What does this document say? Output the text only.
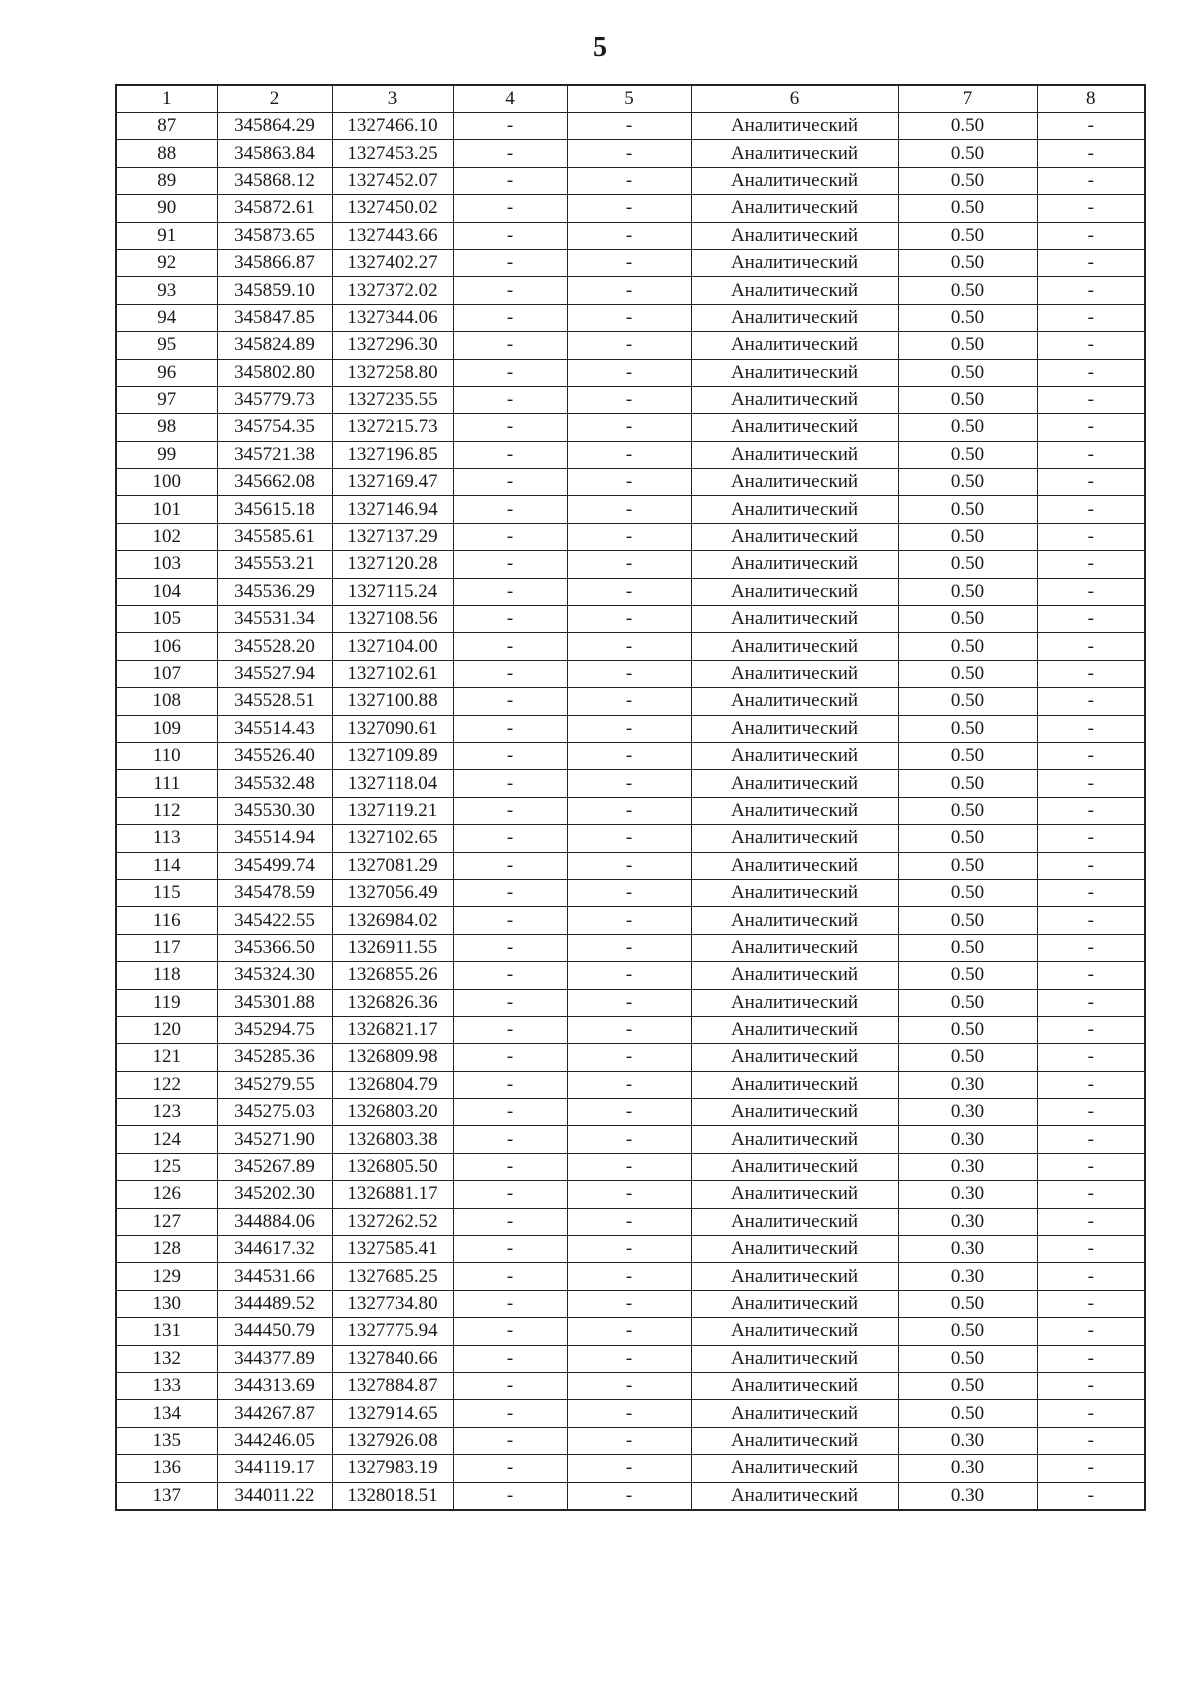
5
1	2	3	4	5	6	7	8
87	345864.29	1327466.10	-	-	Аналитический	0.50	-
88	345863.84	1327453.25	-	-	Аналитический	0.50	-
89	345868.12	1327452.07	-	-	Аналитический	0.50	-
90	345872.61	1327450.02	-	-	Аналитический	0.50	-
91	345873.65	1327443.66	-	-	Аналитический	0.50	-
92	345866.87	1327402.27	-	-	Аналитический	0.50	-
93	345859.10	1327372.02	-	-	Аналитический	0.50	-
94	345847.85	1327344.06	-	-	Аналитический	0.50	-
95	345824.89	1327296.30	-	-	Аналитический	0.50	-
96	345802.80	1327258.80	-	-	Аналитический	0.50	-
97	345779.73	1327235.55	-	-	Аналитический	0.50	-
98	345754.35	1327215.73	-	-	Аналитический	0.50	-
99	345721.38	1327196.85	-	-	Аналитический	0.50	-
100	345662.08	1327169.47	-	-	Аналитический	0.50	-
101	345615.18	1327146.94	-	-	Аналитический	0.50	-
102	345585.61	1327137.29	-	-	Аналитический	0.50	-
103	345553.21	1327120.28	-	-	Аналитический	0.50	-
104	345536.29	1327115.24	-	-	Аналитический	0.50	-
105	345531.34	1327108.56	-	-	Аналитический	0.50	-
106	345528.20	1327104.00	-	-	Аналитический	0.50	-
107	345527.94	1327102.61	-	-	Аналитический	0.50	-
108	345528.51	1327100.88	-	-	Аналитический	0.50	-
109	345514.43	1327090.61	-	-	Аналитический	0.50	-
110	345526.40	1327109.89	-	-	Аналитический	0.50	-
111	345532.48	1327118.04	-	-	Аналитический	0.50	-
112	345530.30	1327119.21	-	-	Аналитический	0.50	-
113	345514.94	1327102.65	-	-	Аналитический	0.50	-
114	345499.74	1327081.29	-	-	Аналитический	0.50	-
115	345478.59	1327056.49	-	-	Аналитический	0.50	-
116	345422.55	1326984.02	-	-	Аналитический	0.50	-
117	345366.50	1326911.55	-	-	Аналитический	0.50	-
118	345324.30	1326855.26	-	-	Аналитический	0.50	-
119	345301.88	1326826.36	-	-	Аналитический	0.50	-
120	345294.75	1326821.17	-	-	Аналитический	0.50	-
121	345285.36	1326809.98	-	-	Аналитический	0.50	-
122	345279.55	1326804.79	-	-	Аналитический	0.30	-
123	345275.03	1326803.20	-	-	Аналитический	0.30	-
124	345271.90	1326803.38	-	-	Аналитический	0.30	-
125	345267.89	1326805.50	-	-	Аналитический	0.30	-
126	345202.30	1326881.17	-	-	Аналитический	0.30	-
127	344884.06	1327262.52	-	-	Аналитический	0.30	-
128	344617.32	1327585.41	-	-	Аналитический	0.30	-
129	344531.66	1327685.25	-	-	Аналитический	0.30	-
130	344489.52	1327734.80	-	-	Аналитический	0.50	-
131	344450.79	1327775.94	-	-	Аналитический	0.50	-
132	344377.89	1327840.66	-	-	Аналитический	0.50	-
133	344313.69	1327884.87	-	-	Аналитический	0.50	-
134	344267.87	1327914.65	-	-	Аналитический	0.50	-
135	344246.05	1327926.08	-	-	Аналитический	0.30	-
136	344119.17	1327983.19	-	-	Аналитический	0.30	-
137	344011.22	1328018.51	-	-	Аналитический	0.30	-
